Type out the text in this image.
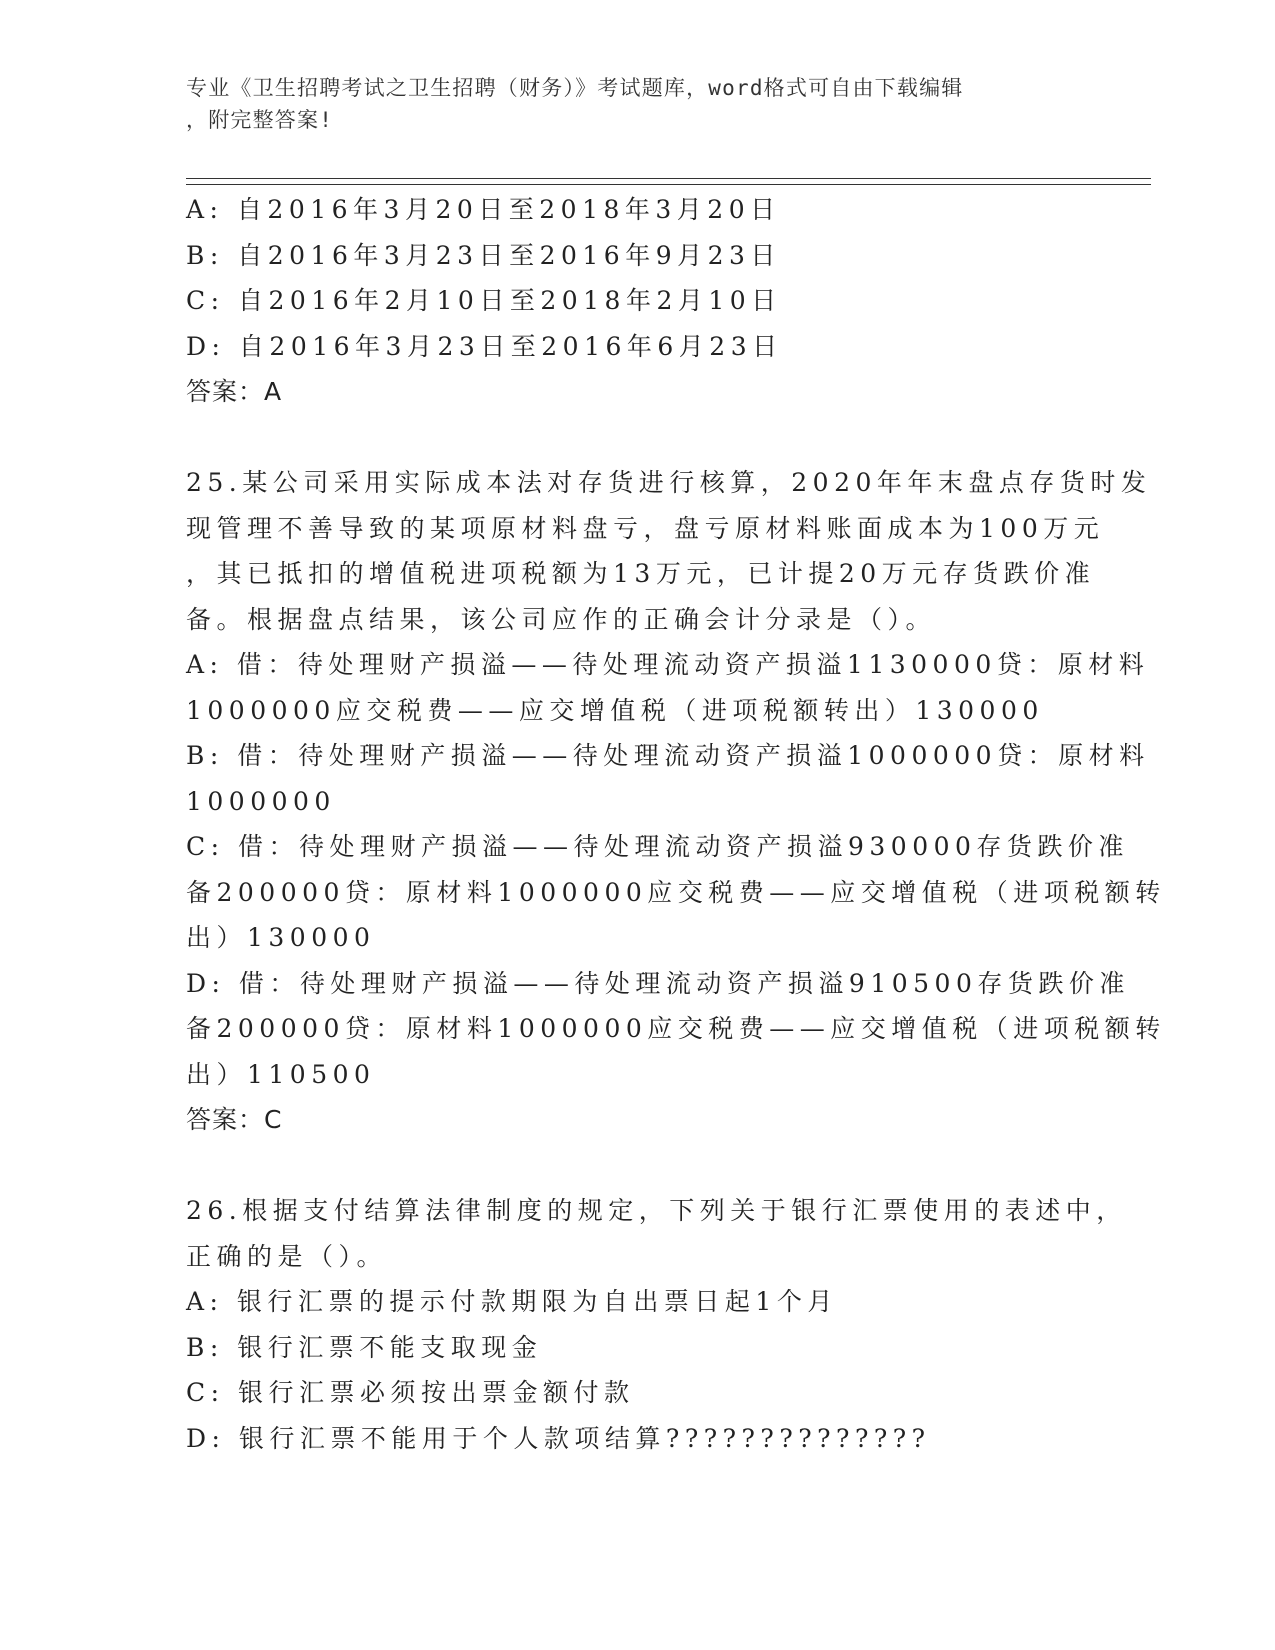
专业《卫生招聘考试之卫生招聘（财务）》考试题库，word格式可自由下载编辑
，附完整答案!
A: 自2016年3月20日至2018年3月20日
B: 自2016年3月23日至2016年9月23日
C: 自2016年2月10日至2018年2月10日
D: 自2016年3月23日至2016年6月23日
答案：A
25.某公司采用实际成本法对存货进行核算，2020年年末盘点存货时发
现管理不善导致的某项原材料盘亏，盘亏原材料账面成本为100万元
，其已抵扣的增值税进项税额为13万元，已计提20万元存货跌价准
备。根据盘点结果，该公司应作的正确会计分录是（）。
A: 借：待处理财产损溢——待处理流动资产损溢1130000贷：原材料
1000000应交税费——应交增值税（进项税额转出）130000
B: 借：待处理财产损溢——待处理流动资产损溢1000000贷：原材料
1000000
C: 借：待处理财产损溢——待处理流动资产损溢930000存货跌价准
备200000贷：原材料1000000应交税费——应交增值税（进项税额转
出）130000
D: 借：待处理财产损溢——待处理流动资产损溢910500存货跌价准
备200000贷：原材料1000000应交税费——应交增值税（进项税额转
出）110500
答案：C
26.根据支付结算法律制度的规定，下列关于银行汇票使用的表述中，
正确的是（）。
A: 银行汇票的提示付款期限为自出票日起1个月
B: 银行汇票不能支取现金
C: 银行汇票必须按出票金额付款
D: 银行汇票不能用于个人款项结算??????????????
